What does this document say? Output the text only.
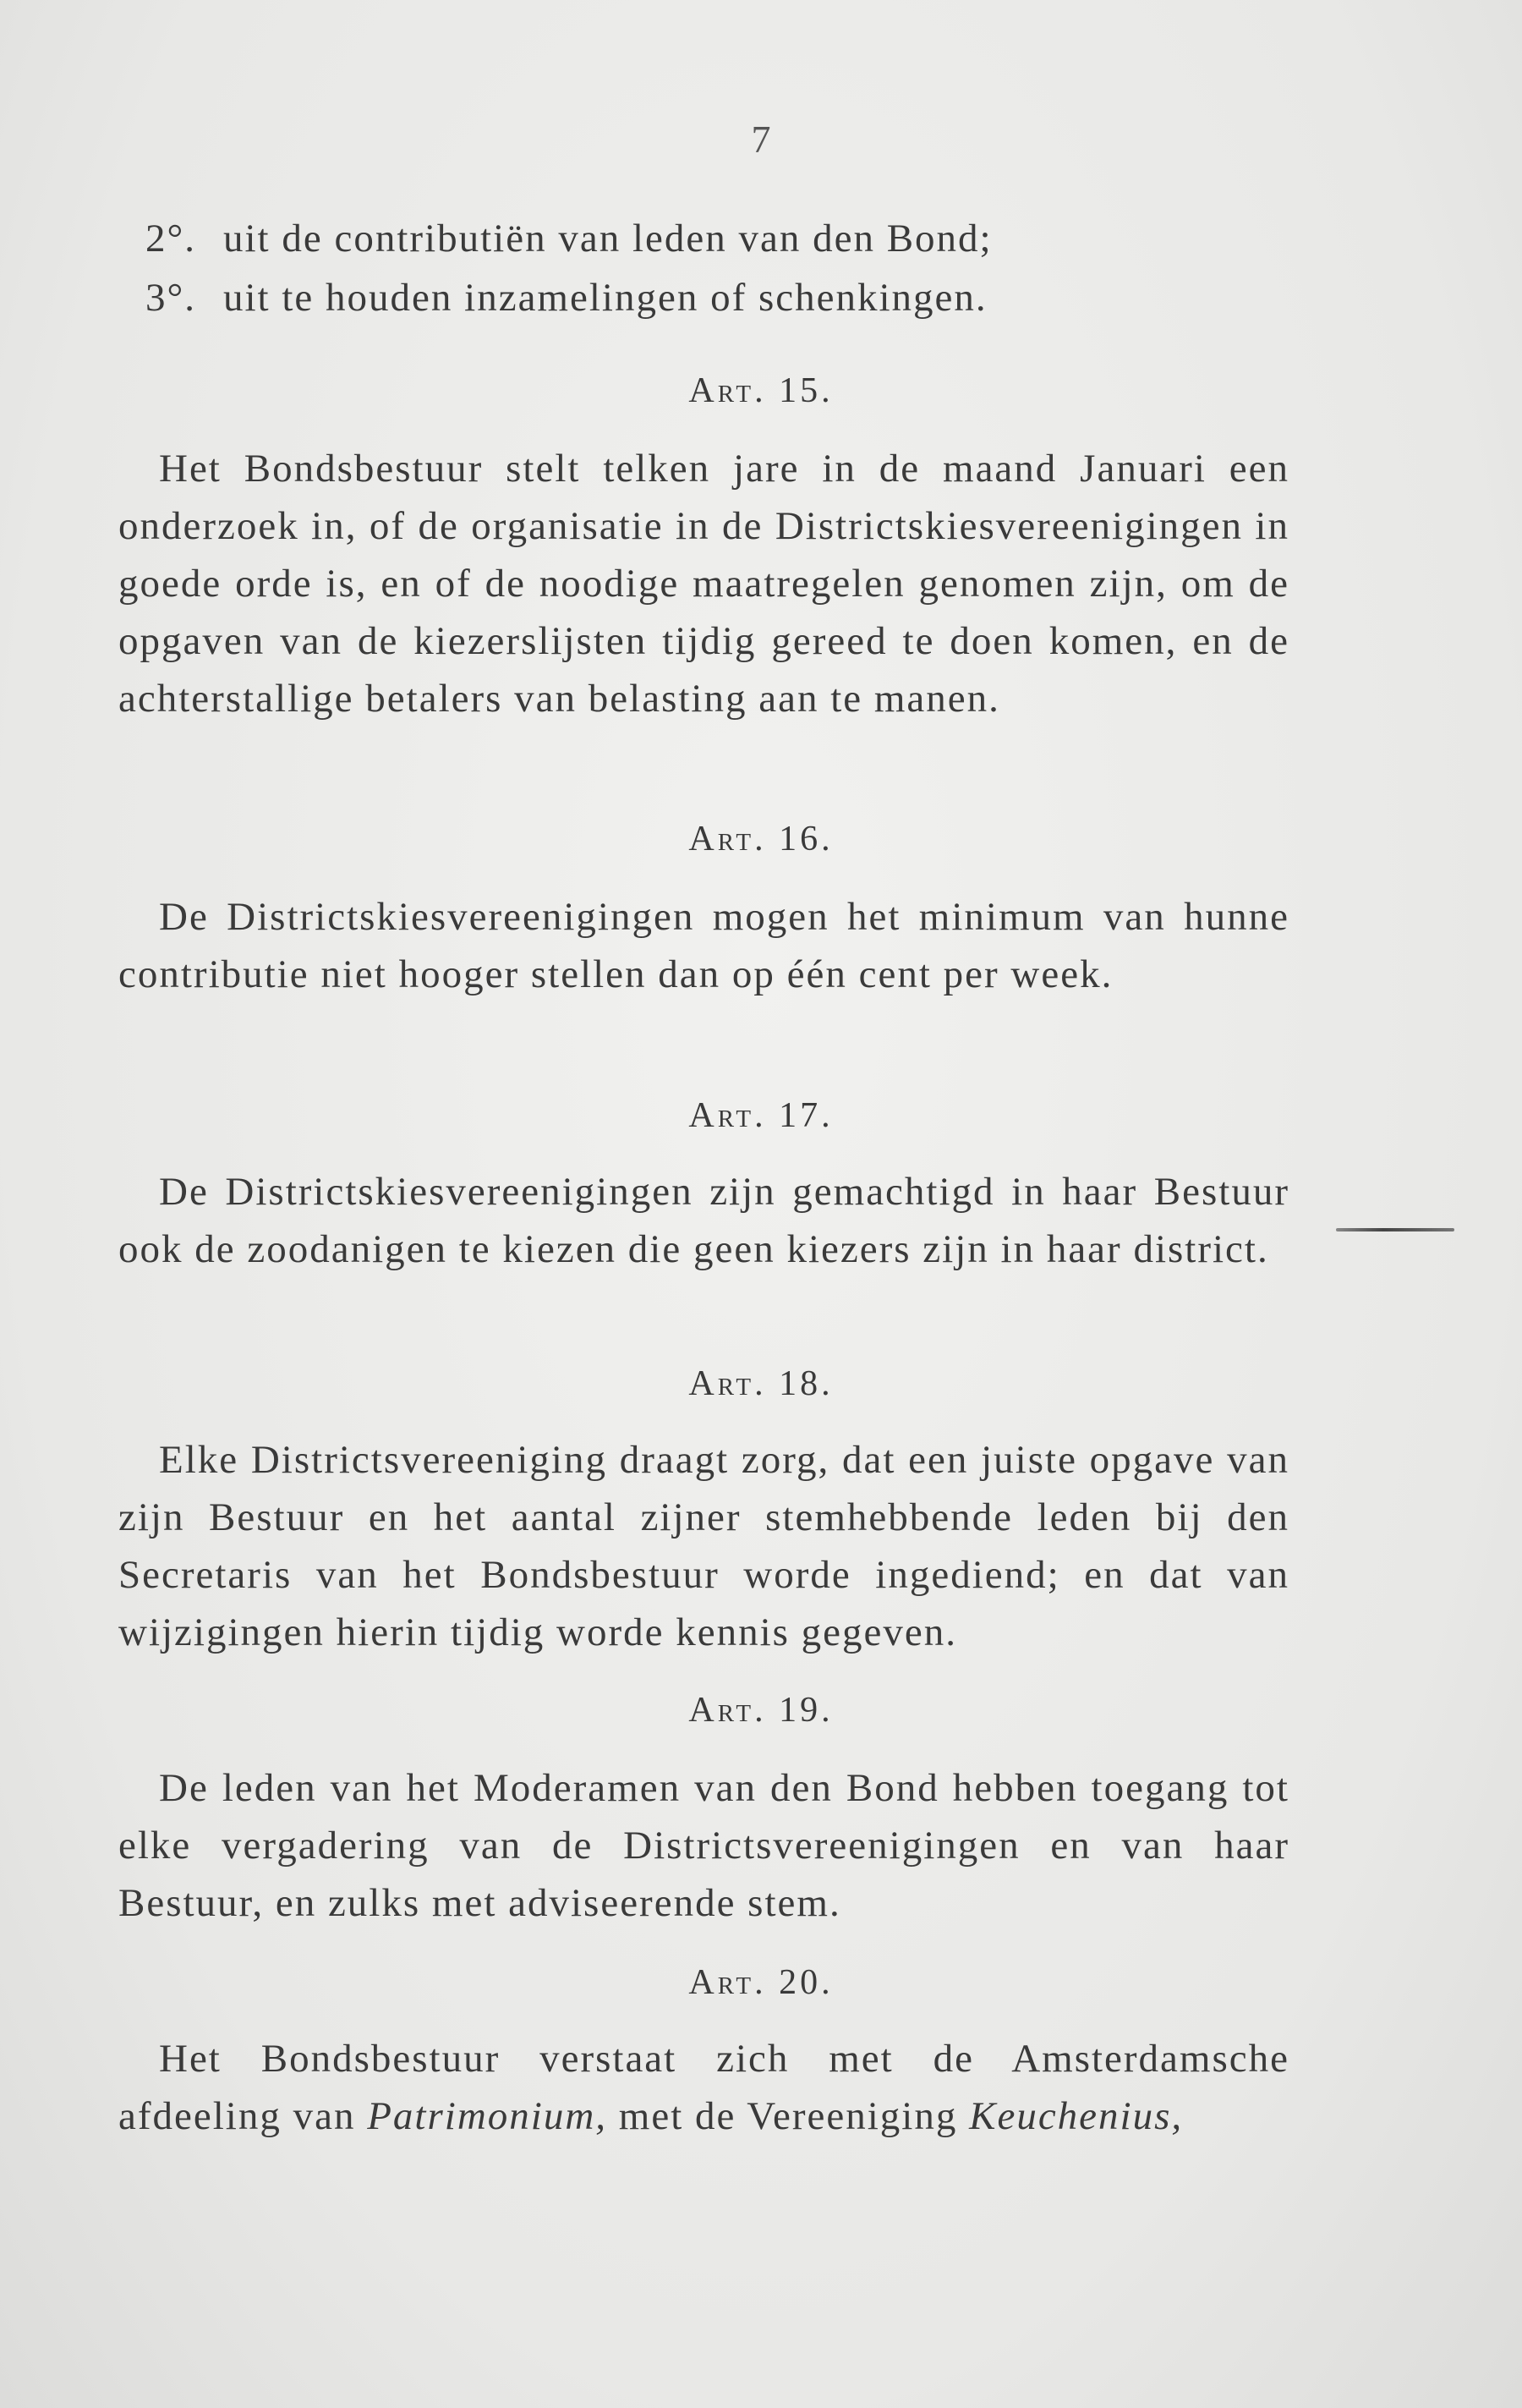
7
2°. uit de contributiën van leden van den Bond;
3°. uit te houden inzamelingen of schenkingen.
Art. 15.

Het Bondsbestuur stelt telken jare in de maand Januari een onderzoek in, of de organisatie in de Districtskiesvereenigingen in goede orde is, en of de noodige maatregelen genomen zijn, om de opgaven van de kiezerslijsten tijdig gereed te doen komen, en de achterstallige betalers van belasting aan te manen.

Art. 16.

De Districtskiesvereenigingen mogen het minimum van hunne contributie niet hooger stellen dan op één cent per week.

Art. 17.

De Districtskiesvereenigingen zijn gemachtigd in haar Bestuur ook de zoodanigen te kiezen die geen kiezers zijn in haar district.

Art. 18.

Elke Districtsvereeniging draagt zorg, dat een juiste opgave van zijn Bestuur en het aantal zijner stemhebbende leden bij den Secretaris van het Bondsbestuur worde ingediend; en dat van wijzigingen hierin tijdig worde kennis gegeven.

Art. 19.

De leden van het Moderamen van den Bond hebben toegang tot elke vergadering van de Districtsvereenigingen en van haar Bestuur, en zulks met adviseerende stem.

Art. 20.

Het Bondsbestuur verstaat zich met de Amsterdamsche afdeeling van Patrimonium, met de Vereeniging Keuchenius,
